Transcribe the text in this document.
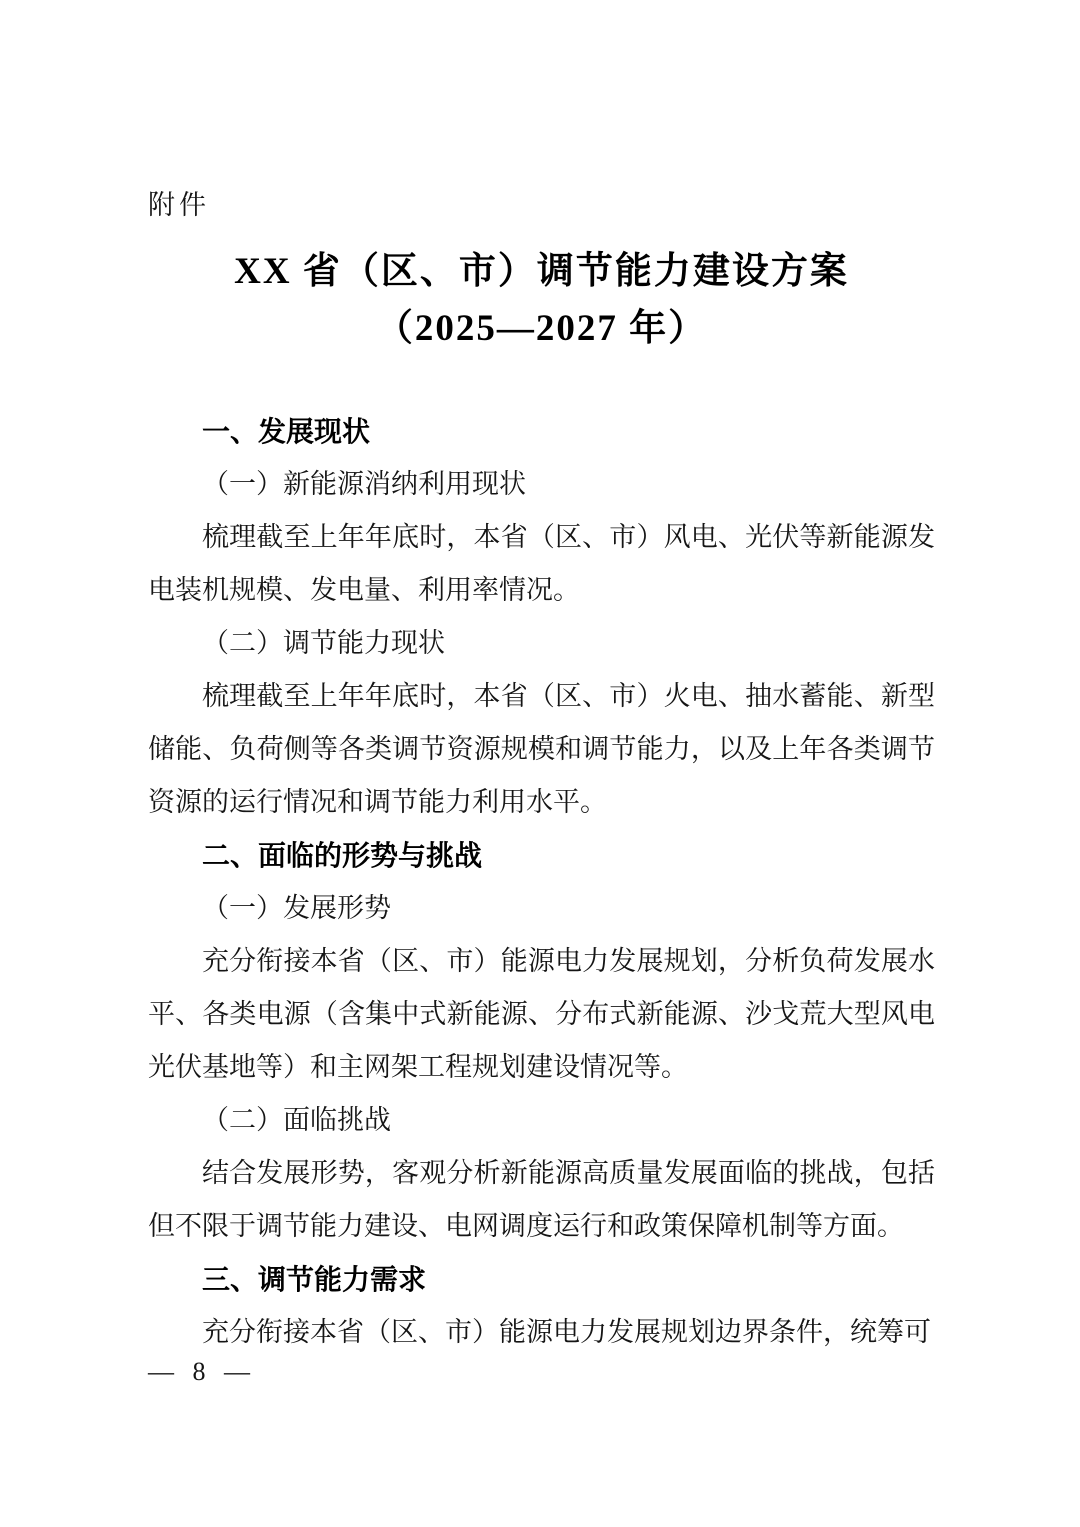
附件
XX 省（区、市）调节能力建设方案
（2025—2027 年）
一、发展现状
（一）新能源消纳利用现状

梳理截至上年年底时，本省（区、市）风电、光伏等新能源发电装机规模、发电量、利用率情况。

（二）调节能力现状

梳理截至上年年底时，本省（区、市）火电、抽水蓄能、新型储能、负荷侧等各类调节资源规模和调节能力，以及上年各类调节资源的运行情况和调节能力利用水平。

二、面临的形势与挑战
（一）发展形势

充分衔接本省（区、市）能源电力发展规划，分析负荷发展水平、各类电源（含集中式新能源、分布式新能源、沙戈荒大型风电光伏基地等）和主网架工程规划建设情况等。

（二）面临挑战

结合发展形势，客观分析新能源高质量发展面临的挑战，包括但不限于调节能力建设、电网调度运行和政策保障机制等方面。

三、调节能力需求

充分衔接本省（区、市）能源电力发展规划边界条件，统筹可

— 8 —
